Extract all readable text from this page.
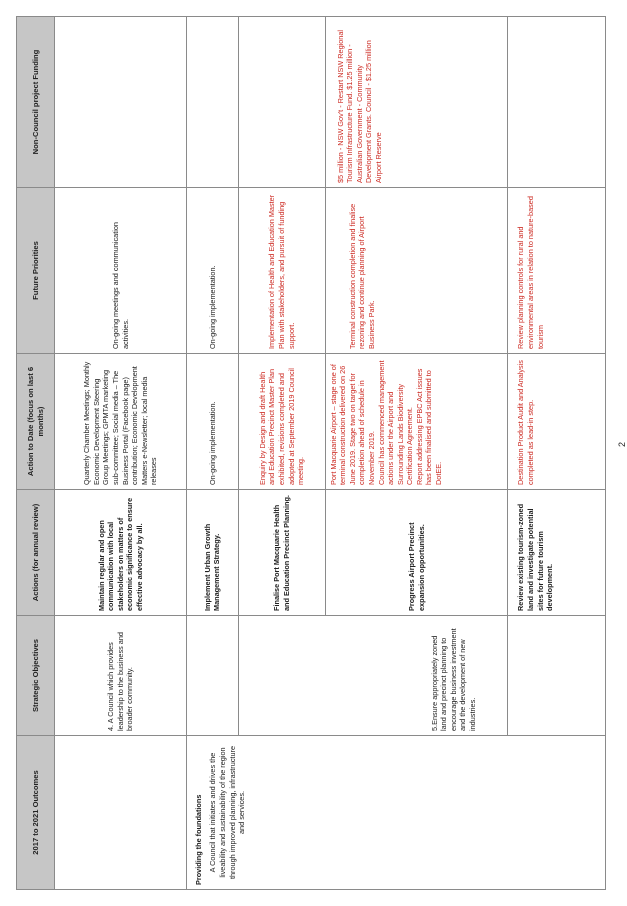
2017 to 2021 Outcomes	Strategic Objectives	Actions (for annual review)	Action to Date (focus on last 6 months)	Future Priorities	Non-Council project Funding
	4. A Council which provides leadership to the business and broader community.	Maintain regular and open communication with local stakeholders on matters of economic significance to ensure effective advocacy by all.	Quarterly Chamber Meetings; Monthly Economic Development Steering Group Meetings; GPMTA marketing sub-committee; Social media – The Business Portal (Facebook page) contribution; Economic Development Matters e-Newsletter; local media releases	On-going meetings and communication activities.	

Providing the foundations A Council that initiates and drives the liveability and sustainability of the region through improved planning, infrastructure and services.		Implement Urban Growth Management Strategy.	On-going implementation.	On-going implementation.	
	5.Ensure appropriately zoned land and precinct planning to encourage business investment and the development of new industries.	Finalise Port Macquarie Health and Education Precinct Planning.	Enquiry by Design and draft Health and Education Precinct Master Plan exhibited, revisions completed and adopted at September 2019 Council meeting.	Implementation of Health and Education Master Plan with stakeholders, and pursuit of funding support.	
		Progress Airport Precinct expansion opportunities.	Port Macquarie Airport – stage one of terminal construction delivered on 26 June 2019. Stage two on target for completion ahead of schedule in November 2019. Council has commenced management actions under the Airport and Surrounding Lands Biodiversity Certification Agreement. Report addressing EPBC Act issues has been finalised and submitted to DotEE.	Terminal construction completion and finalise rezoning and continue planning of Airport Business Park.	$5 million - NSW Gov't - Restart NSW Regional Tourism Infrastructure Fund. $1.25 million - Australian Government - Community Development Grants. Council - $1.25 million Airport Reserve
		Review existing tourism-zoned land and investigate potential sites for future tourism development.	Destination Product Audit and Analysis completed as lead-in step.	Review planning controls for rural and environmental areas in relation to nature-based tourism	
2
